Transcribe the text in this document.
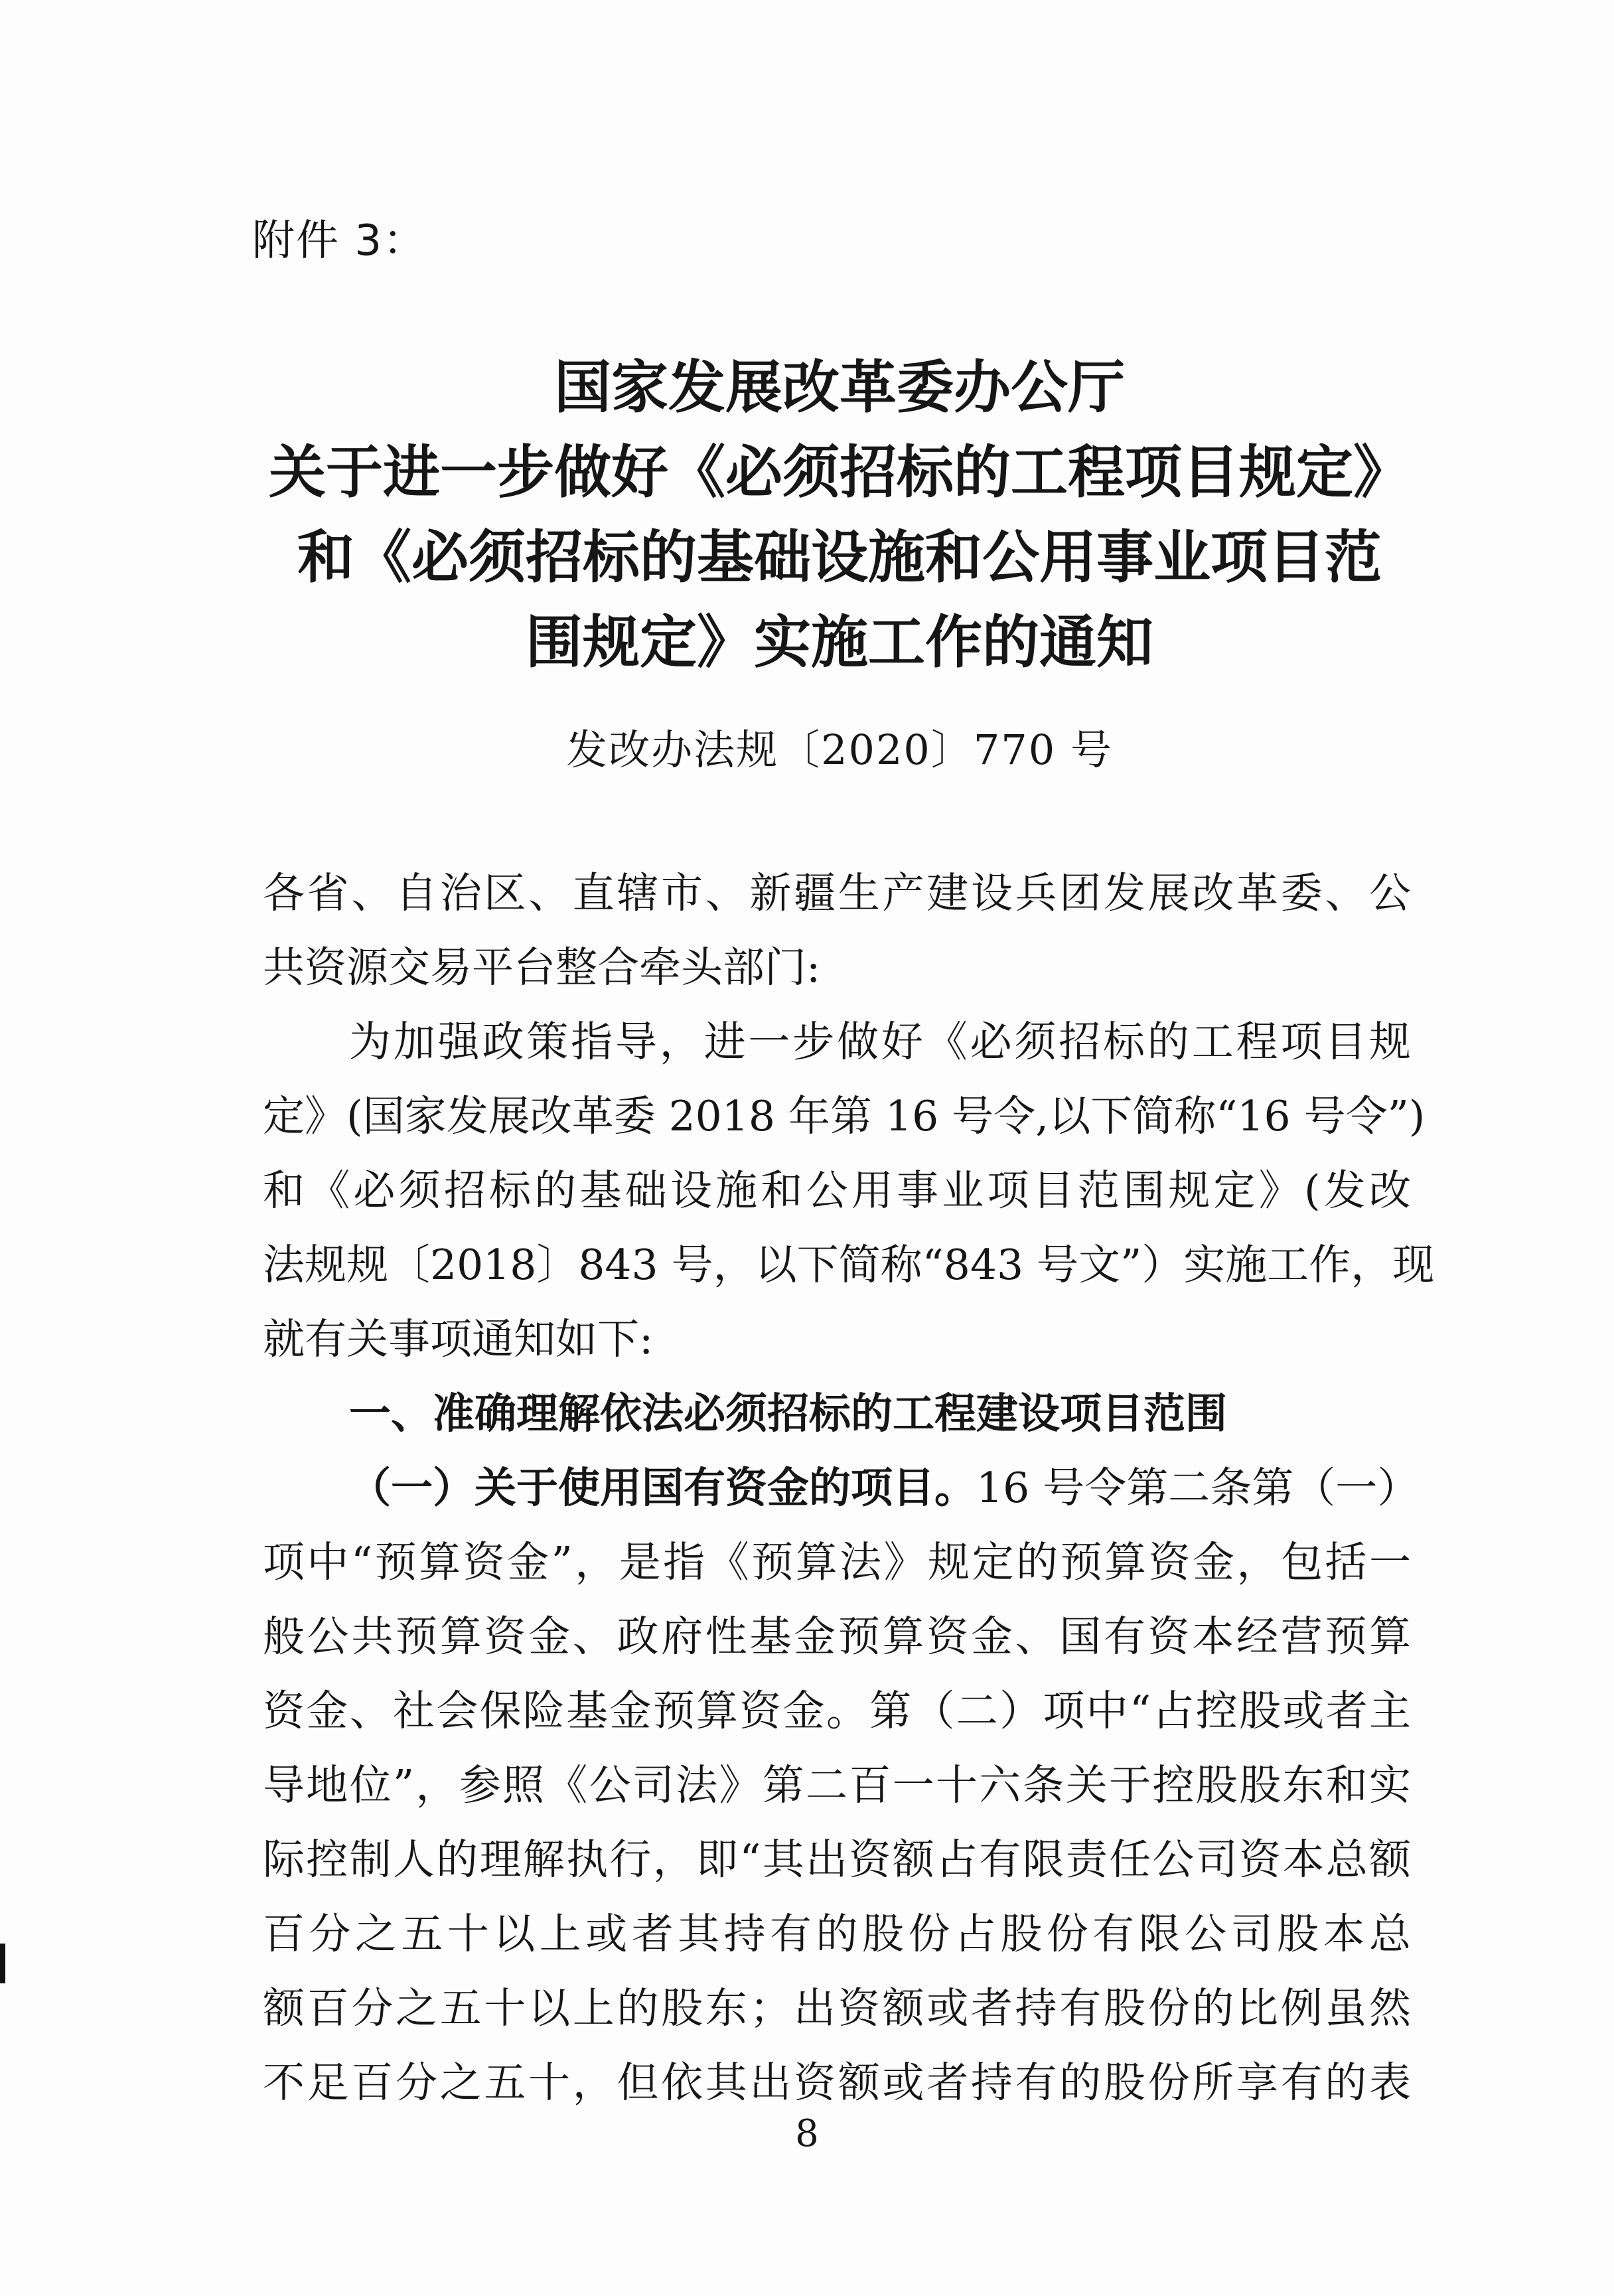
附件 3：
国家发展改革委办公厅
关于进一步做好《必须招标的工程项目规定》
和《必须招标的基础设施和公用事业项目范
围规定》实施工作的通知
发改办法规〔2020〕770 号
各省、自治区、直辖市、新疆生产建设兵团发展改革委、公
共资源交易平台整合牵头部门:
为加强政策指导，进一步做好《必须招标的工程项目规
定》(国家发展改革委 2018 年第 16 号令,以下简称“16 号令”)
和《必须招标的基础设施和公用事业项目范围规定》(发改
法规规〔2018〕843 号，以下简称“843 号文”）实施工作，现
就有关事项通知如下:
一、准确理解依法必须招标的工程建设项目范围
（一）关于使用国有资金的项目。16 号令第二条第（一）
项中“预算资金”，是指《预算法》规定的预算资金，包括一
般公共预算资金、政府性基金预算资金、国有资本经营预算
资金、社会保险基金预算资金。第（二）项中“占控股或者主
导地位”，参照《公司法》第二百一十六条关于控股股东和实
际控制人的理解执行，即“其出资额占有限责任公司资本总额
百分之五十以上或者其持有的股份占股份有限公司股本总
额百分之五十以上的股东；出资额或者持有股份的比例虽然
不足百分之五十，但依其出资额或者持有的股份所享有的表
8
